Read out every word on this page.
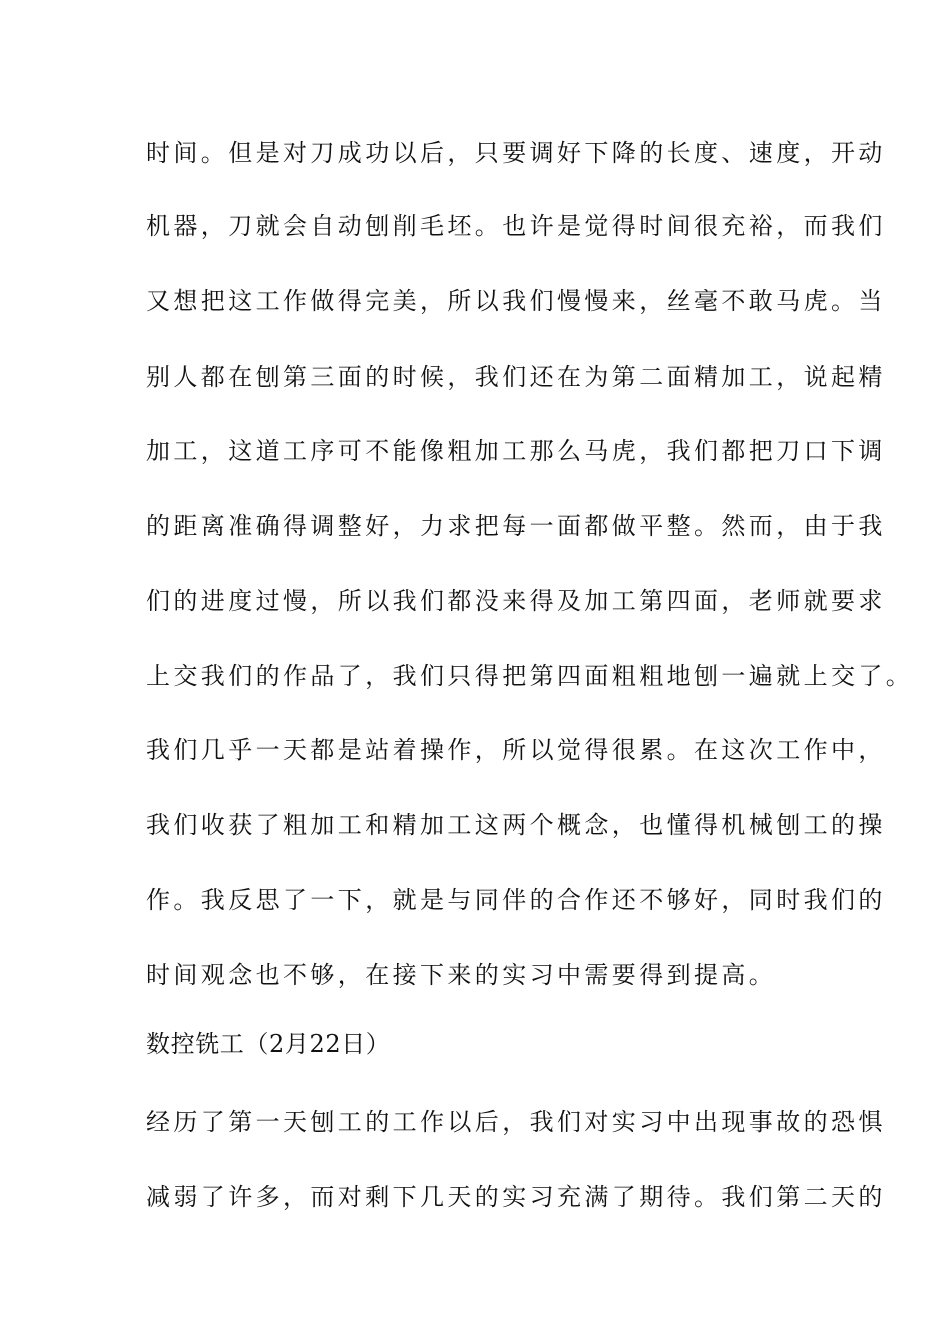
时间。但是对刀成功以后，只要调好下降的长度、速度，开动

机器，刀就会自动刨削毛坯。也许是觉得时间很充裕，而我们

又想把这工作做得完美，所以我们慢慢来，丝毫不敢马虎。当

别人都在刨第三面的时候，我们还在为第二面精加工，说起精

加工，这道工序可不能像粗加工那么马虎，我们都把刀口下调

的距离准确得调整好，力求把每一面都做平整。然而，由于我

们的进度过慢，所以我们都没来得及加工第四面，老师就要求

上交我们的作品了，我们只得把第四面粗粗地刨一遍就上交了。

我们几乎一天都是站着操作，所以觉得很累。在这次工作中，

我们收获了粗加工和精加工这两个概念，也懂得机械刨工的操

作。我反思了一下，就是与同伴的合作还不够好，同时我们的

时间观念也不够，在接下来的实习中需要得到提高。

数控铣工（2月22日）

经历了第一天刨工的工作以后，我们对实习中出现事故的恐惧

减弱了许多，而对剩下几天的实习充满了期待。我们第二天的
